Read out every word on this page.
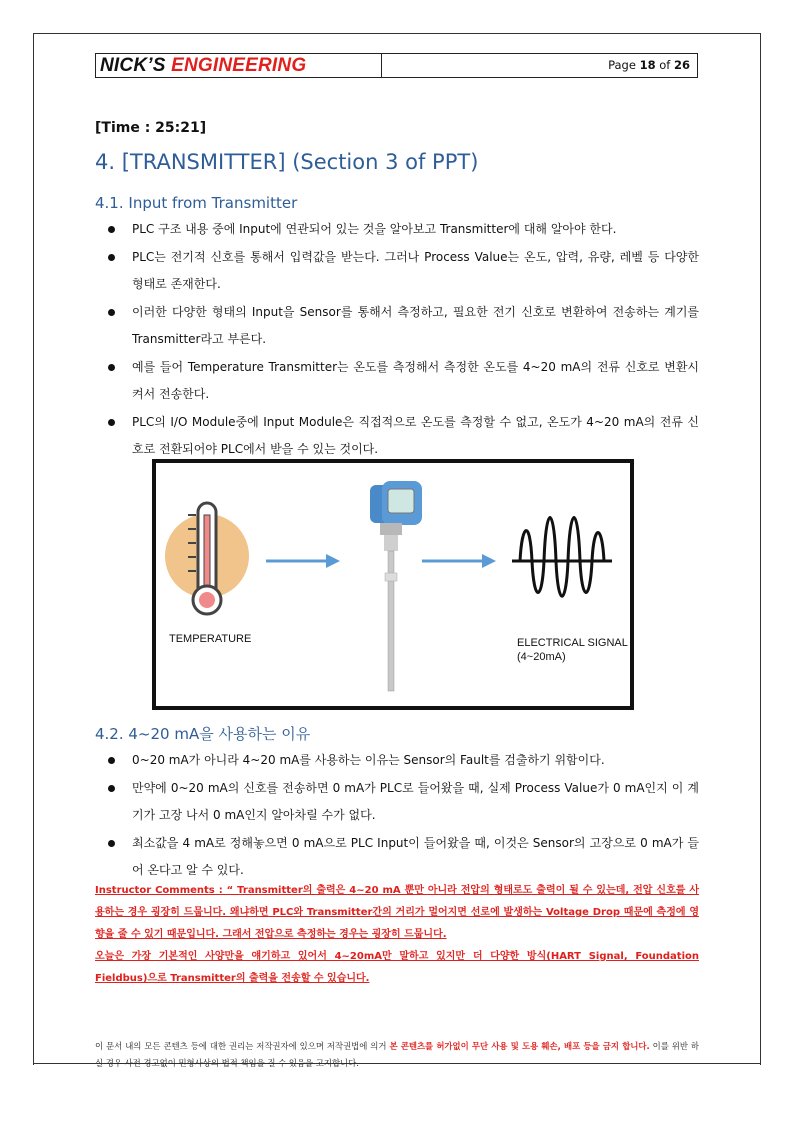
NICK’S ENGINEERING	Page 18 of 26
[Time : 25:21]
4. [TRANSMITTER] (Section 3 of PPT)
4.1. Input from Transmitter
PLC 구조 내용 중에 Input에 연관되어 있는 것을 알아보고 Transmitter에 대해 알아야 한다.
PLC는 전기적 신호를 통해서 입력값을 받는다. 그러나 Process Value는 온도, 압력, 유량, 레벨 등 다양한 형태로 존재한다.
이러한 다양한 형태의 Input을 Sensor를 통해서 측정하고, 필요한 전기 신호로 변환하여 전송하는 계기를 Transmitter라고 부른다.
예를 들어 Temperature Transmitter는 온도를 측정해서 측정한 온도를 4~20 mA의 전류 신호로 변환시켜서 전송한다.
PLC의 I/O Module중에 Input Module은 직접적으로 온도를 측정할 수 없고, 온도가 4~20 mA의 전류 신호로 전환되어야 PLC에서 받을 수 있는 것이다.
TEMPERATURE	ELECTRICAL SIGNAL
(4~20mA)
4.2. 4~20 mA을 사용하는 이유
0~20 mA가 아니라 4~20 mA를 사용하는 이유는 Sensor의 Fault를 검출하기 위함이다.
만약에 0~20 mA의 신호를 전송하면 0 mA가 PLC로 들어왔을 때, 실제 Process Value가 0 mA인지 이 계기가 고장 나서 0 mA인지 알아차릴 수가 없다.
최소값을 4 mA로 정해놓으면 0 mA으로 PLC Input이 들어왔을 때, 이것은 Sensor의 고장으로 0 mA가 들어 온다고 알 수 있다.

Instructor Comments : “ Transmitter의 출력은 4~20 mA 뿐만 아니라 전압의 형태로도 출력이 될 수 있는데, 전압 신호를 사용하는 경우 굉장히 드뭅니다. 왜냐하면 PLC와 Transmitter간의 거리가 멀어지면 선로에 발생하는 Voltage Drop 때문에 측정에 영향을 줄 수 있기 때문입니다. 그래서 전압으로 측정하는 경우는 굉장히 드뭅니다.

오늘은 가장 기본적인 사양만을 얘기하고 있어서 4~20mA만 말하고 있지만 더 다양한 방식(HART Signal, Foundation Fieldbus)으로 Transmitter의 출력을 전송할 수 있습니다.

이 문서 내의 모든 콘텐츠 등에 대한 권리는 저작권자에 있으며 저작권법에 의거 본 콘텐츠를 허가없이 무단 사용 및 도용 훼손, 배포 등을 금지 합니다. 이를 위반 하실 경우 사전 경고없이 민형사상의 법적 책임을 질 수 있음을 고지합니다.
